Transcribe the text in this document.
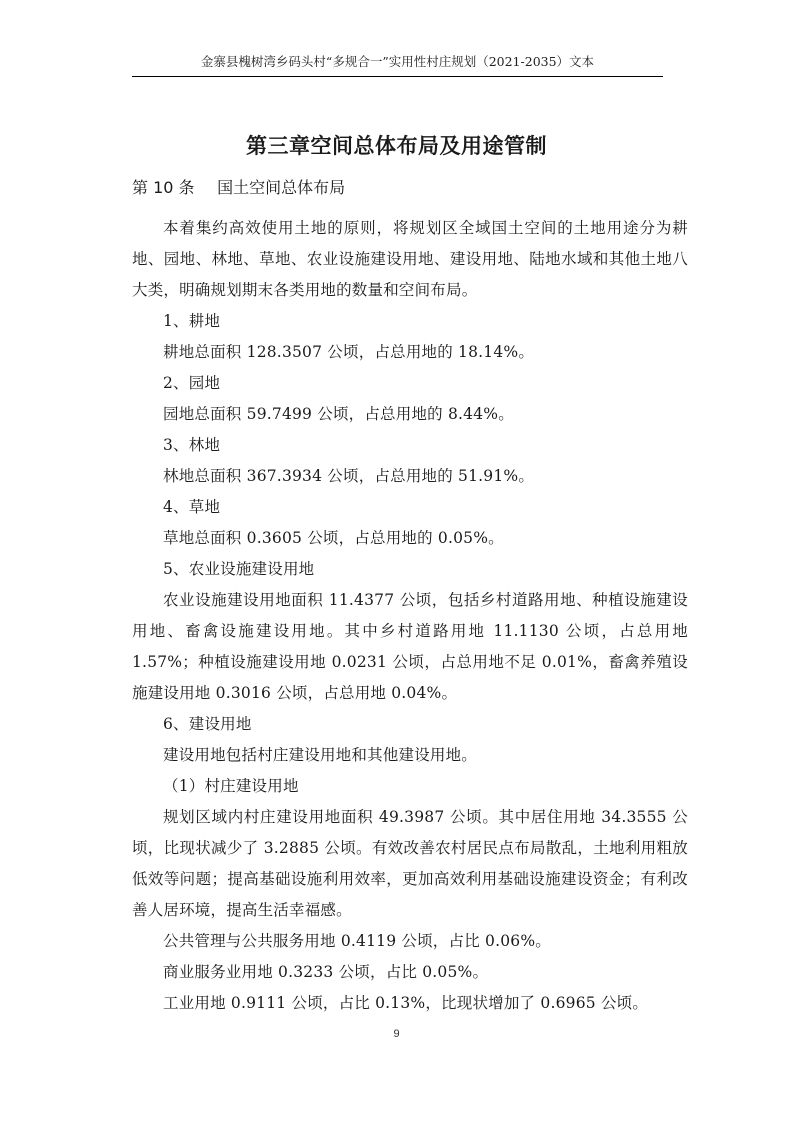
金寨县槐树湾乡码头村“多规合一”实用性村庄规划（2021-2035）文本
第三章空间总体布局及用途管制
第 10 条 国土空间总体布局

本着集约高效使用土地的原则，将规划区全域国土空间的土地用途分为耕地、园地、林地、草地、农业设施建设用地、建设用地、陆地水域和其他土地八大类，明确规划期末各类用地的数量和空间布局。

1、耕地

耕地总面积 128.3507 公顷，占总用地的 18.14%。

2、园地

园地总面积 59.7499 公顷，占总用地的 8.44%。

3、林地

林地总面积 367.3934 公顷，占总用地的 51.91%。

4、草地

草地总面积 0.3605 公顷，占总用地的 0.05%。

5、农业设施建设用地

农业设施建设用地面积 11.4377 公顷，包括乡村道路用地、种植设施建设用地、畜禽设施建设用地。其中乡村道路用地 11.1130 公顷，占总用地 1.57%；种植设施建设用地 0.0231 公顷，占总用地不足 0.01%，畜禽养殖设施建设用地 0.3016 公顷，占总用地 0.04%。

6、建设用地

建设用地包括村庄建设用地和其他建设用地。

（1）村庄建设用地

规划区域内村庄建设用地面积 49.3987 公顷。其中居住用地 34.3555 公顷，比现状减少了 3.2885 公顷。有效改善农村居民点布局散乱，土地利用粗放低效等问题；提高基础设施利用效率，更加高效利用基础设施建设资金；有利改善人居环境，提高生活幸福感。

公共管理与公共服务用地 0.4119 公顷，占比 0.06%。

商业服务业用地 0.3233 公顷，占比 0.05%。

工业用地 0.9111 公顷，占比 0.13%，比现状增加了 0.6965 公顷。

9
